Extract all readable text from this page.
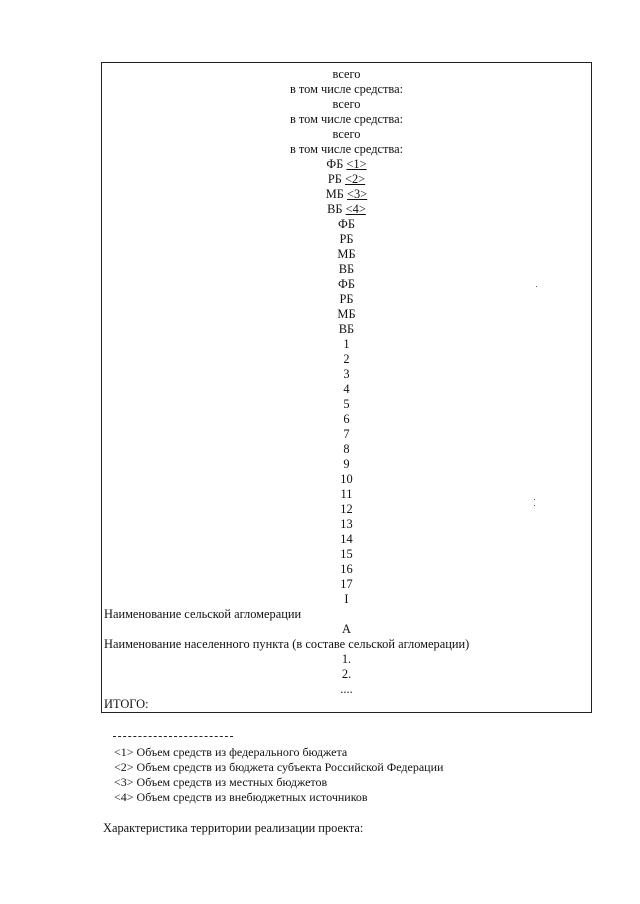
всего
в том числе средства:
всего
в том числе средства:
всего
в том числе средства:
ФБ <1>
РБ <2>
МБ <3>
ВБ <4>
ФБ
РБ
МБ
ВБ
ФБ
РБ
МБ
ВБ
1
2
3
4
5
6
7
8
9
10
11
12
13
14
15
16
17
I
Наименование сельской агломерации
А
Наименование населенного пункта (в составе сельской агломерации)
1.
2.
....
ИТОГО:
<1> Объем средств из федерального бюджета
<2> Объем средств из бюджета субъекта Российской Федерации
<3> Объем средств из местных бюджетов
<4> Объем средств из внебюджетных источников
Характеристика территории реализации проекта:
